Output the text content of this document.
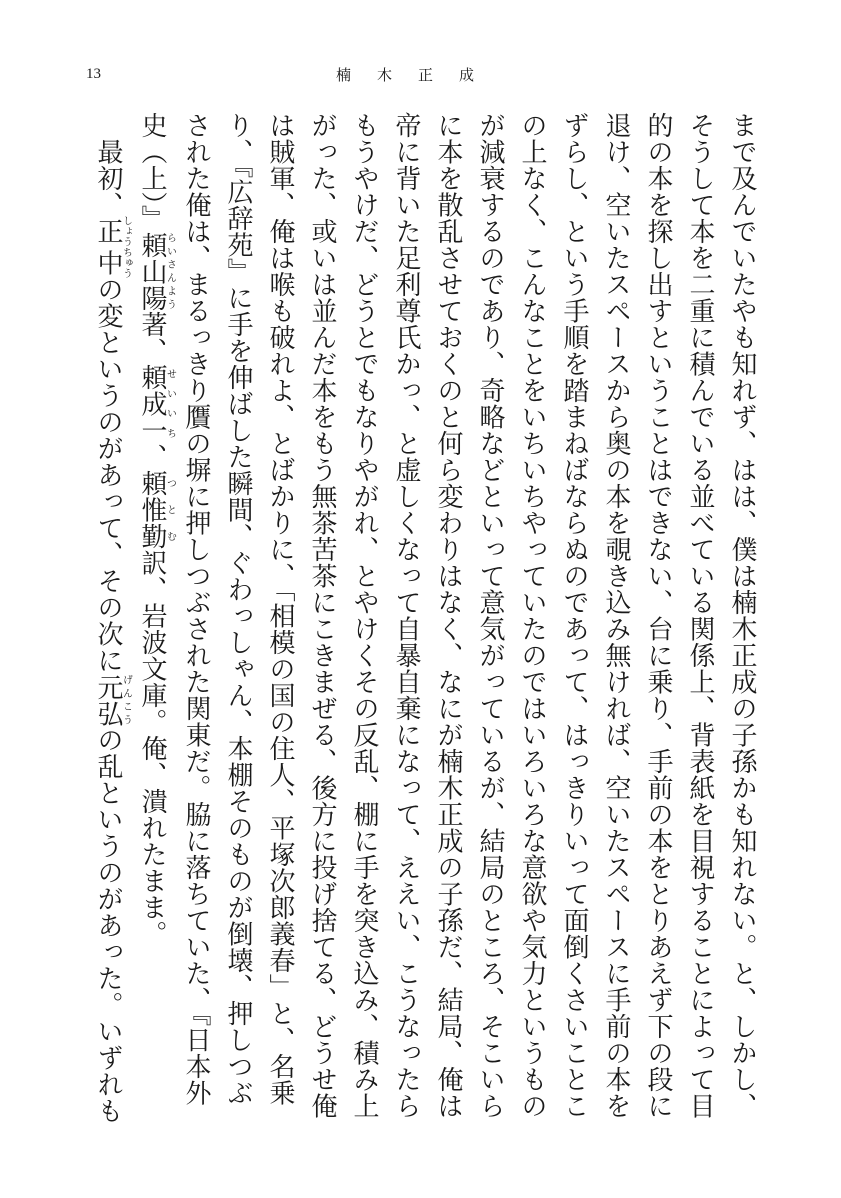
13	楠木正成
まで及んでいたやも知れず、はは、僕は楠木正成の子孫かも知れない。と、しかし、
そうして本を二重に積んでいる並べている関係上、背表紙を目視することによって目
的の本を探し出すということはできない、台に乗り、手前の本をとりあえず下の段に
退け、空いたスペースから奥の本を覗き込み無ければ、空いたスペースに手前の本を
ずらし、という手順を踏まねばならぬのであって、はっきりいって面倒くさいことこ
の上なく、こんなことをいちいちやっていたのではいろいろな意欲や気力というもの
が減衰するのであり、奇略などといって意気がっているが、結局のところ、そこいら
に本を散乱させておくのと何ら変わりはなく、なにが楠木正成の子孫だ、結局、俺は
帝に背いた足利尊氏かっ、と虚しくなって自暴自棄になって、ええい、こうなったら
もうやけだ、どうとでもなりやがれ、とやけくその反乱、棚に手を突き込み、積み上
がった、或いは並んだ本をもう無茶苦茶にこきまぜる、後方に投げ捨てる、どうせ俺
は賊軍、俺は喉も破れよ、とばかりに、「相模の国の住人、平塚次郎義春」と、名乗
り、『広辞苑』に手を伸ばした瞬間、ぐわっしゃん、本棚そのものが倒壊、押しつぶ
された俺は、まるっきり贋の塀に押しつぶされた関東だ。脇に落ちていた、『日本外
史（上）』頼山陽らいさんよう著、頼成一せいいち、頼惟勤つとむ訳、岩波文庫。俺、潰れたまま。
　最初、正中しょうちゅうの変というのがあって、その次に元弘げんこうの乱というのがあった。いずれも
